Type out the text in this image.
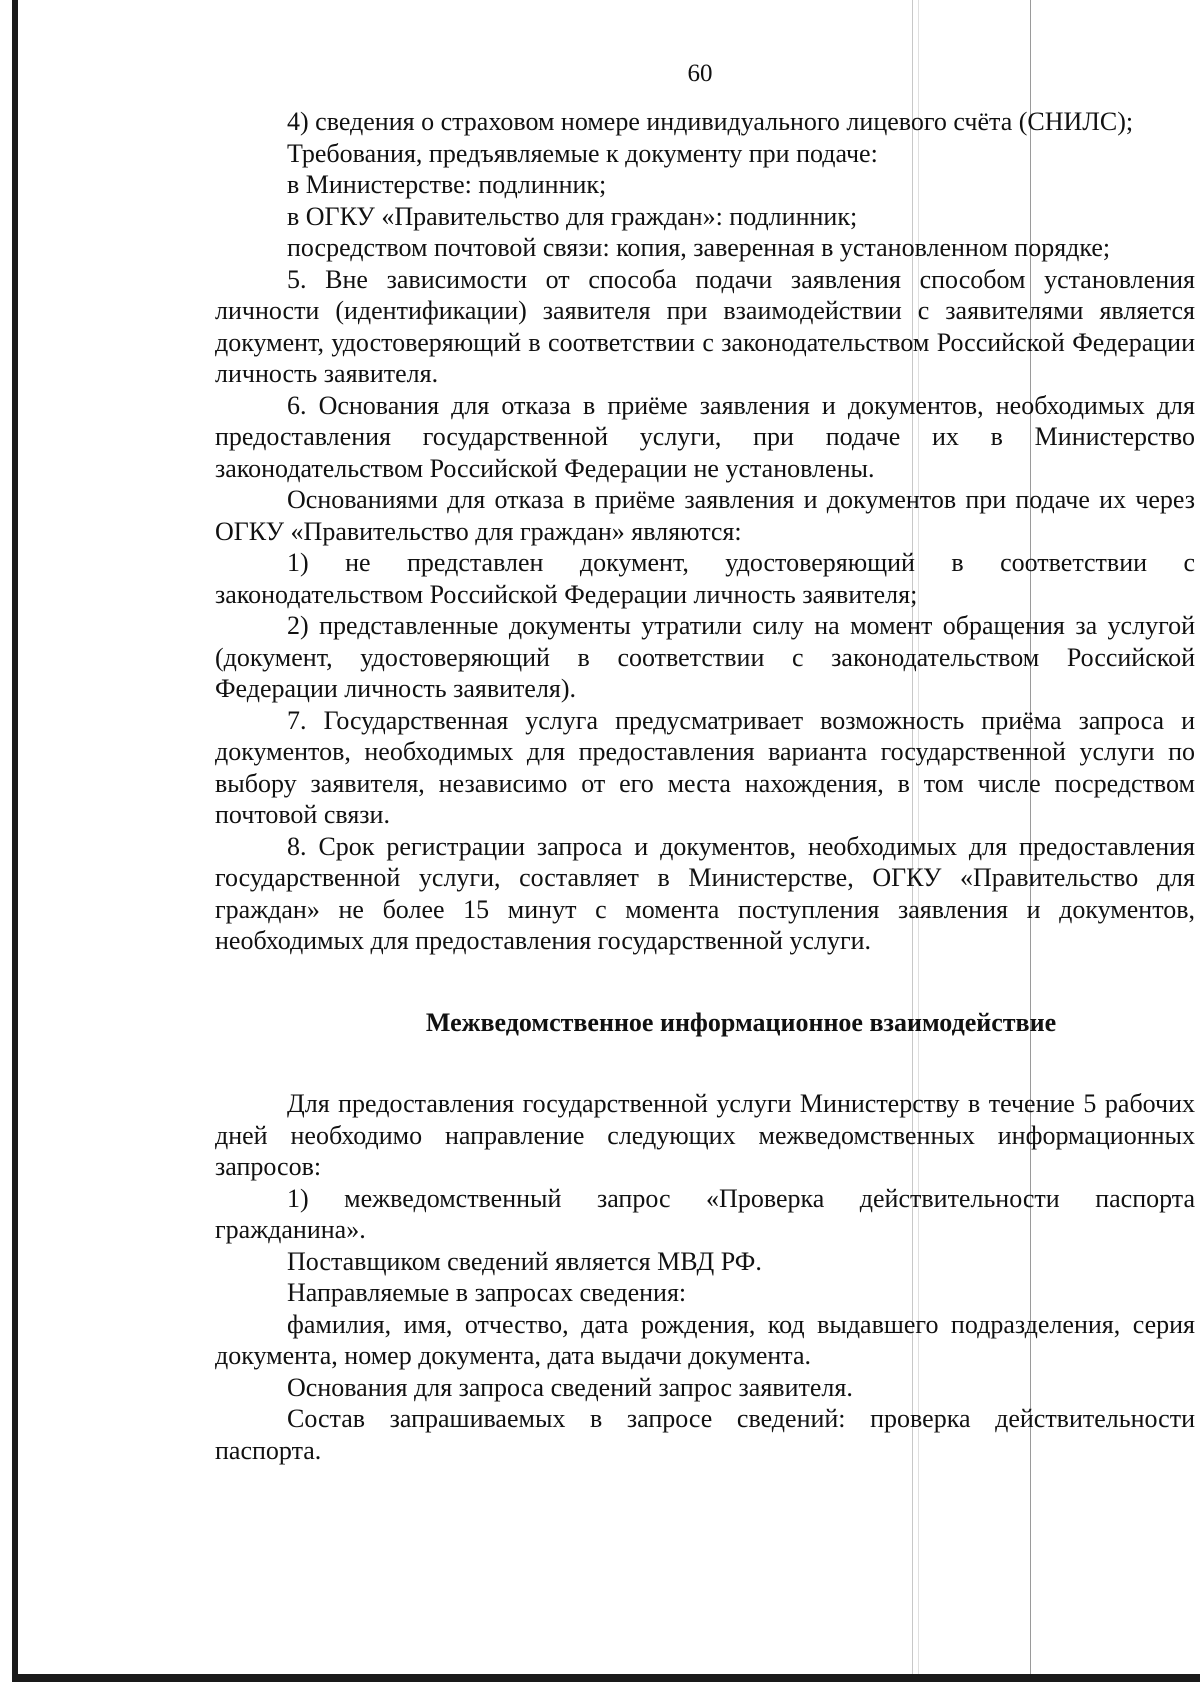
60

4) сведения о страховом номере индивидуального лицевого счёта (СНИЛС);

Требования, предъявляемые к документу при подаче:

в Министерстве: подлинник;

в ОГКУ «Правительство для граждан»: подлинник;

посредством почтовой связи: копия, заверенная в установленном порядке;

5. Вне зависимости от способа подачи заявления способом установления личности (идентификации) заявителя при взаимодействии с заявителями является документ, удостоверяющий в соответствии с законодательством Российской Федерации личность заявителя.

6. Основания для отказа в приёме заявления и документов, необходимых для предоставления государственной услуги, при подаче их в Министерство законодательством Российской Федерации не установлены.

Основаниями для отказа в приёме заявления и документов при подаче их через ОГКУ «Правительство для граждан» являются:

1) не представлен документ, удостоверяющий в соответствии с законодательством Российской Федерации личность заявителя;

2) представленные документы утратили силу на момент обращения за услугой (документ, удостоверяющий в соответствии с законодательством Российской Федерации личность заявителя).

7. Государственная услуга предусматривает возможность приёма запроса и документов, необходимых для предоставления варианта государственной услуги по выбору заявителя, независимо от его места нахождения, в том числе посредством почтовой связи.

8. Срок регистрации запроса и документов, необходимых для предоставления государственной услуги, составляет в Министерстве, ОГКУ «Правительство для граждан» не более 15 минут с момента поступления заявления и документов, необходимых для предоставления государственной услуги.

Межведомственное информационное взаимодействие

Для предоставления государственной услуги Министерству в течение 5 рабочих дней необходимо направление следующих межведомственных информационных запросов:

1) межведомственный запрос «Проверка действительности паспорта гражданина».

Поставщиком сведений является МВД РФ.

Направляемые в запросах сведения:

фамилия, имя, отчество, дата рождения, код выдавшего подразделения, серия документа, номер документа, дата выдачи документа.

Основания для запроса сведений запрос заявителя.

Состав запрашиваемых в запросе сведений: проверка действительности паспорта.
